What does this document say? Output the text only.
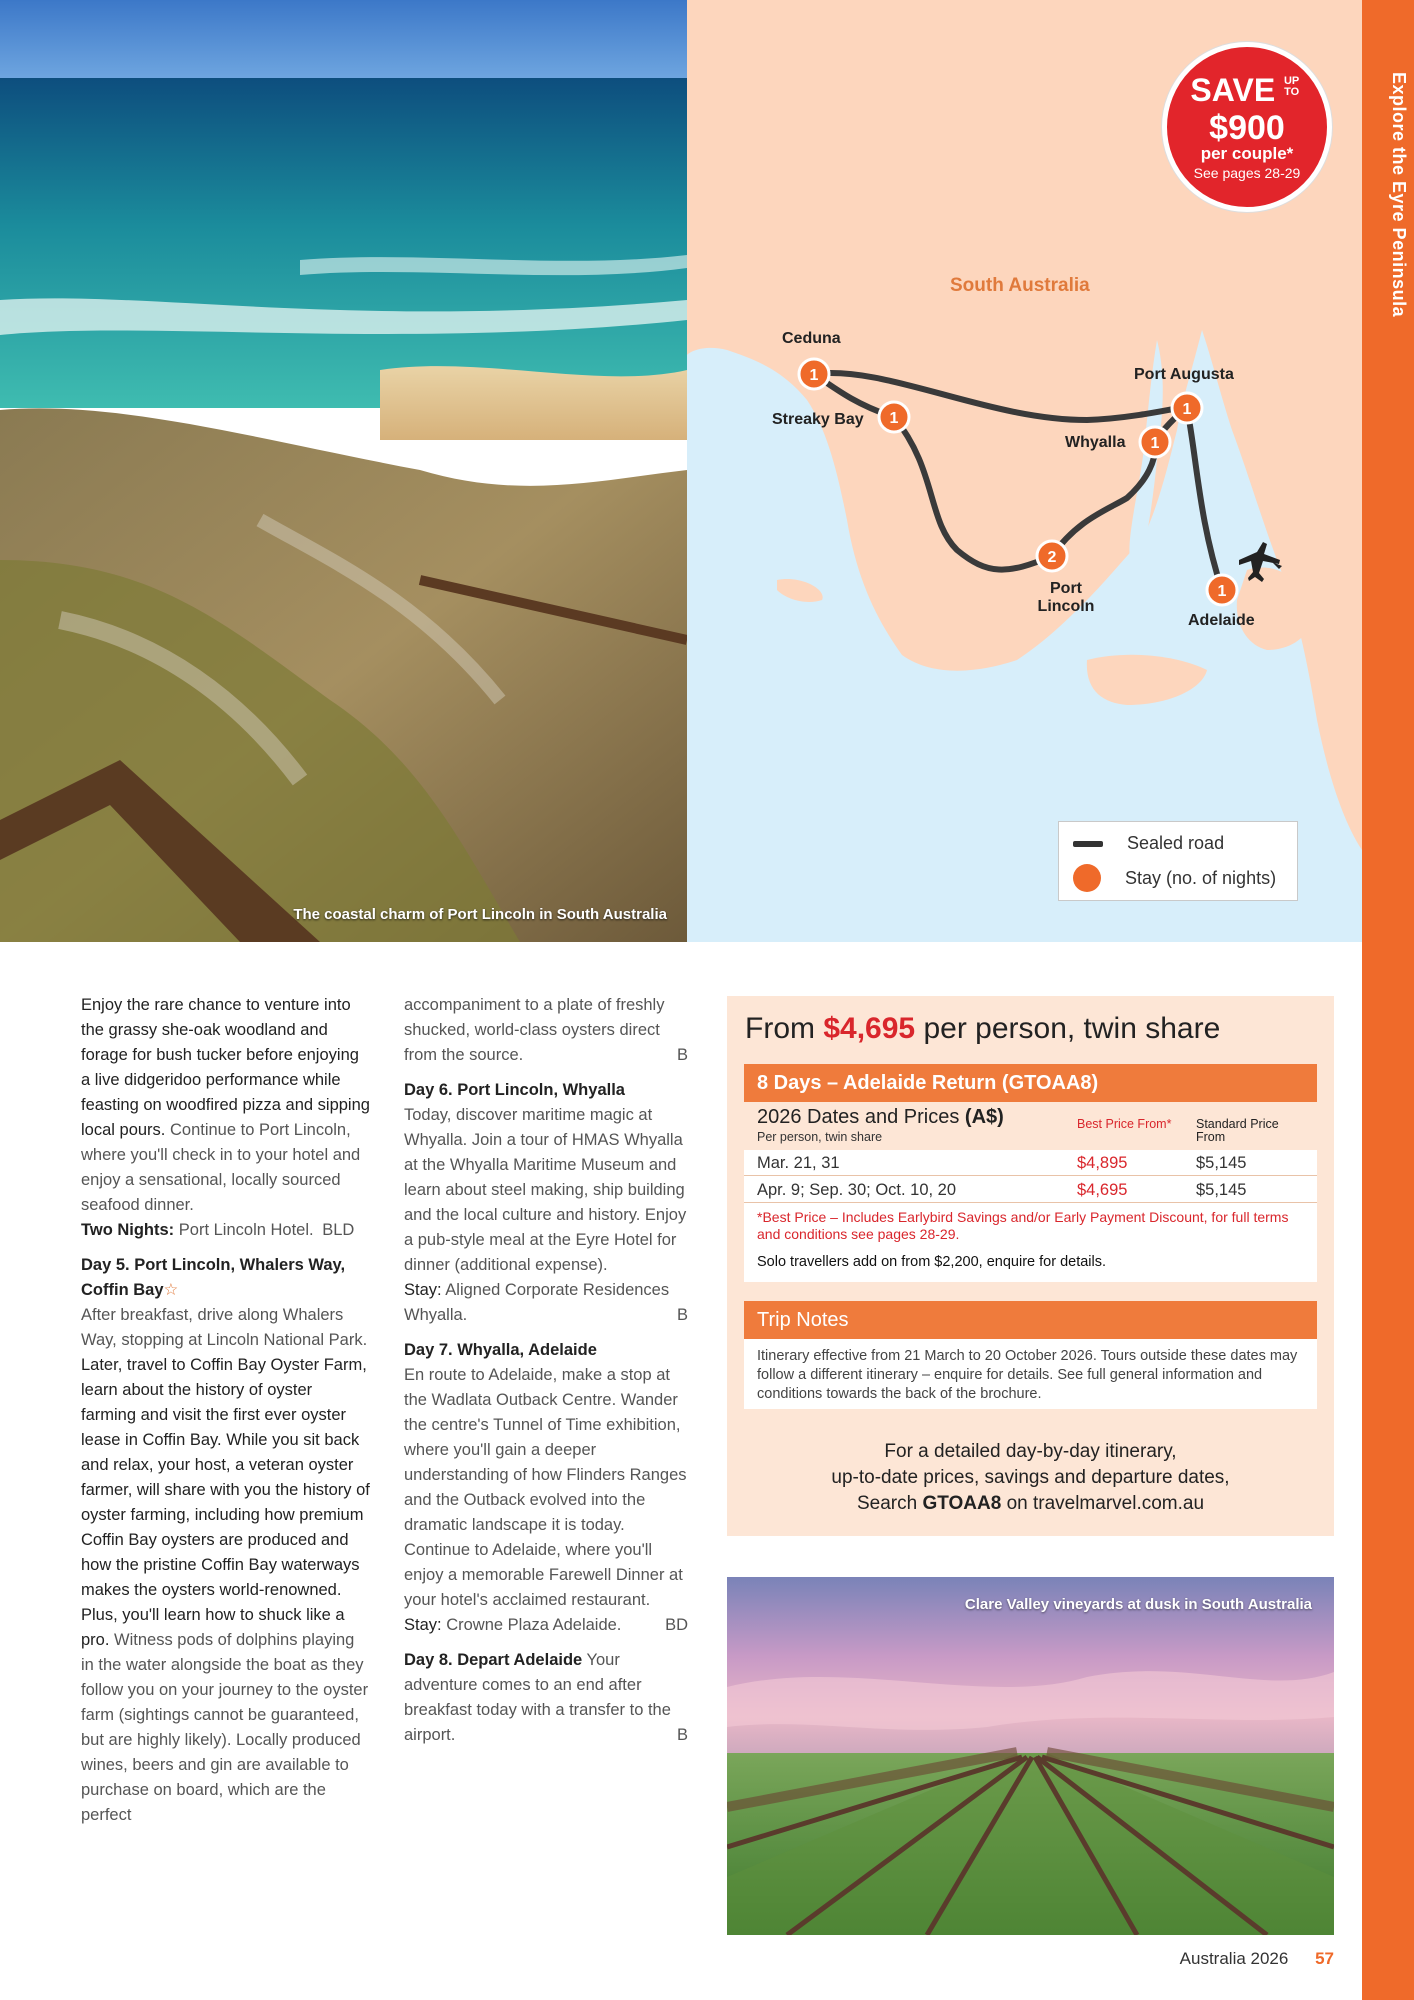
Explore the Eyre Peninsula
The coastal charm of Port Lincoln in South Australia
1
1
1
1
2
1
South Australia
Ceduna
Streaky Bay
Port Augusta
Whyalla
Port Lincoln
Adelaide
SAVE UP TO
$900
per couple*
See pages 28-29
Sealed road
Stay (no. of nights)

Enjoy the rare chance to venture into the grassy she-oak woodland and forage for bush tucker before enjoying a live didgeridoo performance while feasting on woodfired pizza and sipping local pours. Continue to Port Lincoln, where you'll check in to your hotel and enjoy a sensational, locally sourced seafood dinner.
Two Nights: Port Lincoln Hotel. BLD

Day 5. Port Lincoln, Whalers Way, Coffin Bay☆
After breakfast, drive along Whalers Way, stopping at Lincoln National Park. Later, travel to Coffin Bay Oyster Farm, learn about the history of oyster farming and visit the first ever oyster lease in Coffin Bay. While you sit back and relax, your host, a veteran oyster farmer, will share with you the history of oyster farming, including how premium Coffin Bay oysters are produced and how the pristine Coffin Bay waterways makes the oysters world-renowned. Plus, you'll learn how to shuck like a pro. Witness pods of dolphins playing in the water alongside the boat as they follow you on your journey to the oyster farm (sightings cannot be guaranteed, but are highly likely). Locally produced wines, beers and gin are available to purchase on board, which are the perfect

accompaniment to a plate of freshly shucked, world-class oysters direct from the source.	B

Day 6. Port Lincoln, Whyalla
Today, discover maritime magic at Whyalla. Join a tour of HMAS Whyalla at the Whyalla Maritime Museum and learn about steel making, ship building and the local culture and history. Enjoy a pub-style meal at the Eyre Hotel for dinner (additional expense).
Stay: Aligned Corporate Residences Whyalla.	B

Day 7. Whyalla, Adelaide
En route to Adelaide, make a stop at the Wadlata Outback Centre. Wander the centre's Tunnel of Time exhibition, where you'll gain a deeper understanding of how Flinders Ranges and the Outback evolved into the dramatic landscape it is today. Continue to Adelaide, where you'll enjoy a memorable Farewell Dinner at your hotel's acclaimed restaurant.
Stay: Crowne Plaza Adelaide.	BD

Day 8. Depart Adelaide Your adventure comes to an end after breakfast today with a transfer to the airport.	B

From $4,695 per person, twin share
8 Days – Adelaide Return (GTOAA8)
2026 Dates and Prices (A$)
Per person, twin share
Best Price From*	Standard Price From
Mar. 21, 31	$4,895	$5,145
Apr. 9; Sep. 30; Oct. 10, 20	$4,695	$5,145
*Best Price – Includes Earlybird Savings and/or Early Payment Discount, for full terms and conditions see pages 28-29.
Solo travellers add on from $2,200, enquire for details.
Trip Notes
Itinerary effective from 21 March to 20 October 2026. Tours outside these dates may follow a different itinerary – enquire for details. See full general information and conditions towards the back of the brochure.
For a detailed day-by-day itinerary,
up-to-date prices, savings and departure dates,
Search GTOAA8 on travelmarvel.com.au
Clare Valley vineyards at dusk in South Australia
Australia 2026 57
